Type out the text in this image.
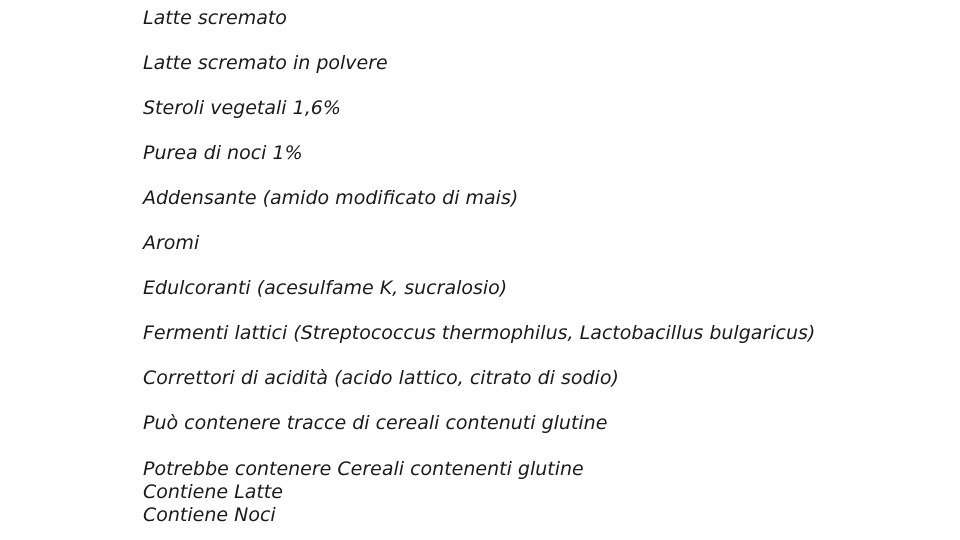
Latte scremato
Latte scremato in polvere
Steroli vegetali 1,6%
Purea di noci 1%
Addensante (amido modificato di mais)
Aromi
Edulcoranti (acesulfame K, sucralosio)
Fermenti lattici (Streptococcus thermophilus, Lactobacillus bulgaricus)
Correttori di acidità (acido lattico, citrato di sodio)
Può contenere tracce di cereali contenuti glutine
Potrebbe contenere Cereali contenenti glutine
Contiene Latte
Contiene Noci
